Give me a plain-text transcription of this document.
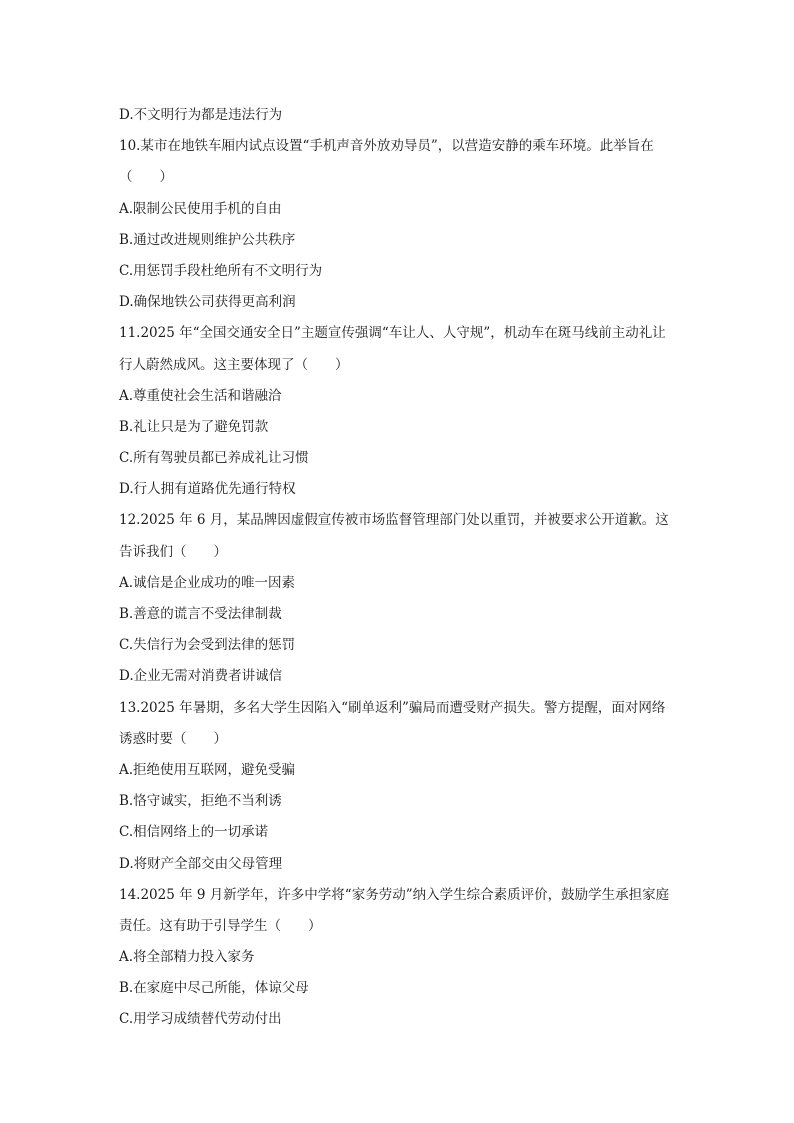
D.不文明行为都是违法行为
10.某市在地铁车厢内试点设置“手机声音外放劝导员”，以营造安静的乘车环境。此举旨在
（　　）
A.限制公民使用手机的自由
B.通过改进规则维护公共秩序
C.用惩罚手段杜绝所有不文明行为
D.确保地铁公司获得更高利润
11.2025 年“全国交通安全日”主题宣传强调“车让人、人守规”，机动车在斑马线前主动礼让
行人蔚然成风。这主要体现了（　　）
A.尊重使社会生活和谐融洽
B.礼让只是为了避免罚款
C.所有驾驶员都已养成礼让习惯
D.行人拥有道路优先通行特权
12.2025 年 6 月，某品牌因虚假宣传被市场监督管理部门处以重罚，并被要求公开道歉。这
告诉我们（　　）
A.诚信是企业成功的唯一因素
B.善意的谎言不受法律制裁
C.失信行为会受到法律的惩罚
D.企业无需对消费者讲诚信
13.2025 年暑期，多名大学生因陷入“刷单返利”骗局而遭受财产损失。警方提醒，面对网络
诱惑时要（　　）
A.拒绝使用互联网，避免受骗
B.恪守诚实，拒绝不当利诱
C.相信网络上的一切承诺
D.将财产全部交由父母管理
14.2025 年 9 月新学年，许多中学将“家务劳动”纳入学生综合素质评价，鼓励学生承担家庭
责任。这有助于引导学生（　　）
A.将全部精力投入家务
B.在家庭中尽己所能，体谅父母
C.用学习成绩替代劳动付出
